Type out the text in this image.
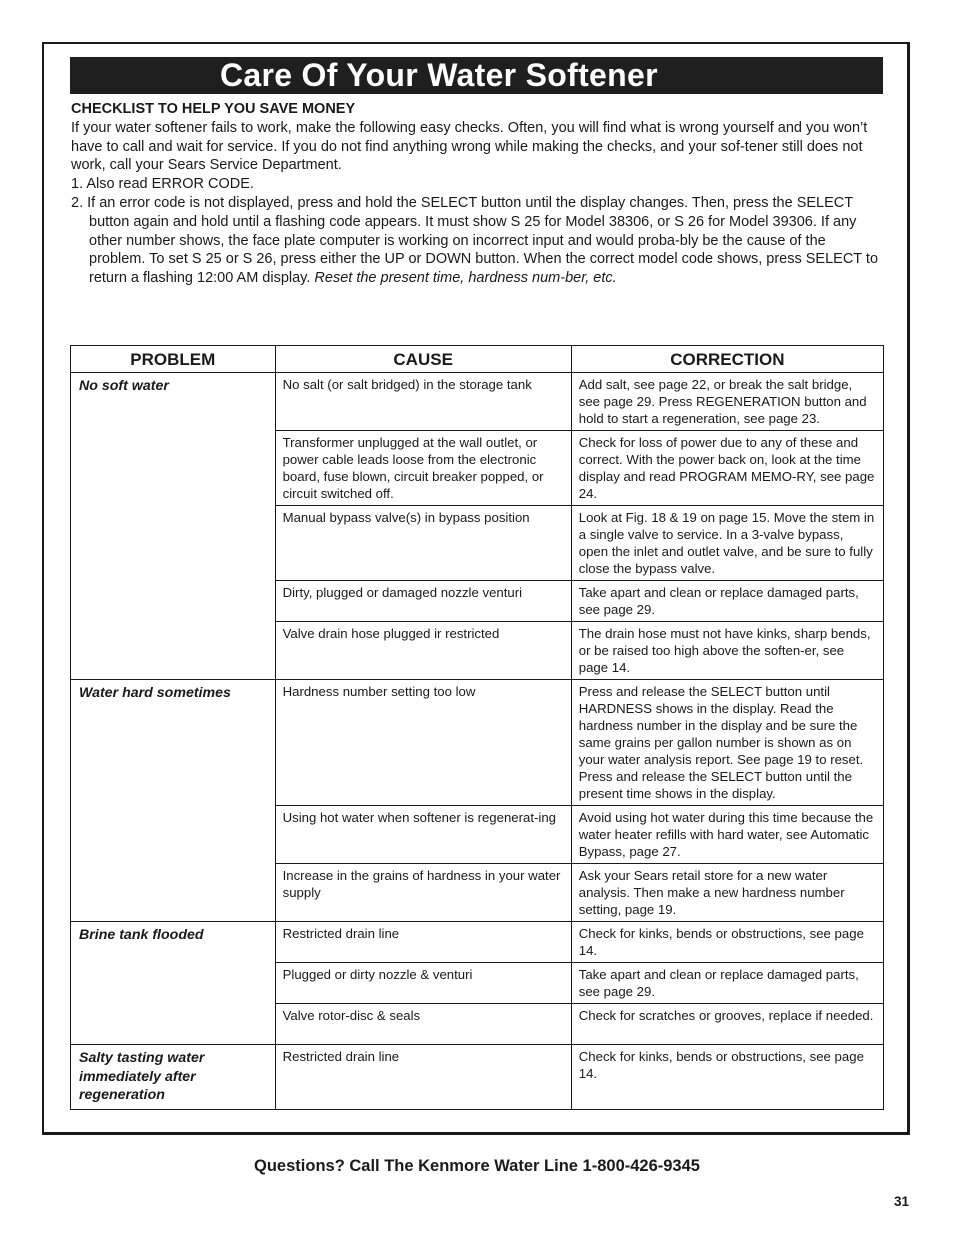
Care Of Your Water Softener

CHECKLIST TO HELP YOU SAVE MONEY

If your water softener fails to work, make the following easy checks. Often, you will find what is wrong yourself and you won’t have to call and wait for service. If you do not find anything wrong while making the checks, and your sof-tener still does not work, call your Sears Service Department.

1. Also read ERROR CODE.

2. If an error code is not displayed, press and hold the SELECT button until the display changes. Then, press the SELECT button again and hold until a flashing code appears. It must show S 25 for Model 38306, or S 26 for Model 39306. If any other number shows, the face plate computer is working on incorrect input and would proba-bly be the cause of the problem. To set S 25 or S 26, press either the UP or DOWN button. When the correct model code shows, press SELECT to return a flashing 12:00 AM display. Reset the present time, hardness num-ber, etc.

PROBLEM	CAUSE	CORRECTION
No soft water	No salt (or salt bridged) in the storage tank	Add salt, see page 22, or break the salt bridge, see page 29. Press REGENERATION button and hold to start a regeneration, see page 23.
	Transformer unplugged at the wall outlet, or power cable leads loose from the electronic board, fuse blown, circuit breaker popped, or circuit switched off.	Check for loss of power due to any of these and correct. With the power back on, look at the time display and read PROGRAM MEMO-RY, see page 24.
	Manual bypass valve(s) in bypass position	Look at Fig. 18 & 19 on page 15. Move the stem in a single valve to service. In a 3-valve bypass, open the inlet and outlet valve, and be sure to fully close the bypass valve.
	Dirty, plugged or damaged nozzle venturi	Take apart and clean or replace damaged parts, see page 29.
	Valve drain hose plugged ir restricted	The drain hose must not have kinks, sharp bends, or be raised too high above the soften-er, see page 14.
Water hard sometimes	Hardness number setting too low	Press and release the SELECT button until HARDNESS shows in the display. Read the hardness number in the display and be sure the same grains per gallon number is shown as on your water analysis report. See page 19 to reset. Press and release the SELECT button until the present time shows in the display.
	Using hot water when softener is regenerat-ing	Avoid using hot water during this time because the water heater refills with hard water, see Automatic Bypass, page 27.
	Increase in the grains of hardness in your water supply	Ask your Sears retail store for a new water analysis. Then make a new hardness number setting, page 19.
Brine tank flooded	Restricted drain line	Check for kinks, bends or obstructions, see page 14.
	Plugged or dirty nozzle & venturi	Take apart and clean or replace damaged parts, see page 29.
	Valve rotor-disc & seals	Check for scratches or grooves, replace if needed.
Salty tasting water immediately after regeneration	Restricted drain line	Check for kinks, bends or obstructions, see page 14.
Questions? Call The Kenmore Water Line 1-800-426-9345
31
